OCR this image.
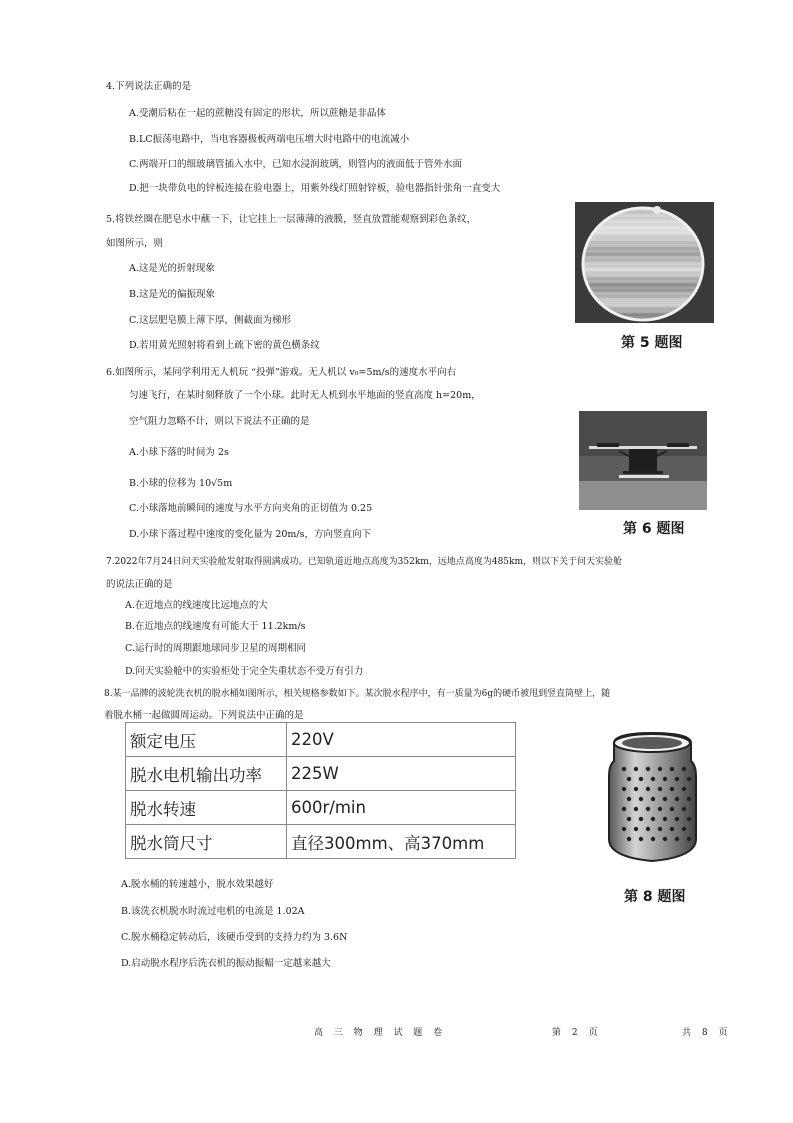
4.下列说法正确的是
A.受潮后粘在一起的蔗糖没有固定的形状，所以蔗糖是非晶体
B.LC振荡电路中，当电容器极板两端电压增大时电路中的电流减小
C.两端开口的细玻璃管插入水中，已知水浸润玻璃，则管内的液面低于管外水面
D.把一块带负电的锌板连接在验电器上，用紫外线灯照射锌板，验电器指针张角一直变大
5.将铁丝圈在肥皂水中蘸一下，让它挂上一层薄薄的液膜，竖直放置能观察到彩色条纹，
如图所示，则
A.这是光的折射现象
B.这是光的偏振现象
C.这层肥皂膜上薄下厚，侧截面为梯形
D.若用黄光照射将看到上疏下密的黄色横条纹	第 5 题图
6.如图所示，某同学利用无人机玩 “投弹”游戏。无人机以 v₀=5m/s的速度水平向右
匀速飞行，在某时刻释放了一个小球。此时无人机到水平地面的竖直高度 h=20m，
空气阻力忽略不计，则以下说法不正确的是
A.小球下落的时间为 2s
B.小球的位移为 10√5m
C.小球落地前瞬间的速度与水平方向夹角的正切值为 0.25
D.小球下落过程中速度的变化量为 20m/s，方向竖直向下	第 6 题图
7.2022年7月24日问天实验舱发射取得圆满成功。已知轨道近地点高度为352km，远地点高度为485km，则以下关于问天实验舱
的说法正确的是
A.在近地点的线速度比远地点的大
B.在近地点的线速度有可能大于 11.2km/s
C.运行时的周期跟地球同步卫星的周期相同
D.问天实验舱中的实验柜处于完全失重状态不受万有引力
8.某一品牌的波轮洗衣机的脱水桶如图所示，相关规格参数如下。某次脱水程序中，有一质量为6g的硬币被甩到竖直筒壁上，随
着脱水桶一起做圆周运动。下列说法中正确的是
额定电压	220V
脱水电机输出功率	225W
脱水转速	600r/min
脱水筒尺寸	直径300mm、高370mm
第 8 题图
A.脱水桶的转速越小，脱水效果越好
B.该洗衣机脱水时流过电机的电流是 1.02A
C.脱水桶稳定转动后，该硬币受到的支持力约为 3.6N
D.启动脱水程序后洗衣机的振动振幅一定越来越大
高 三 物 理 试 题 卷	第 2 页	共 8 页
